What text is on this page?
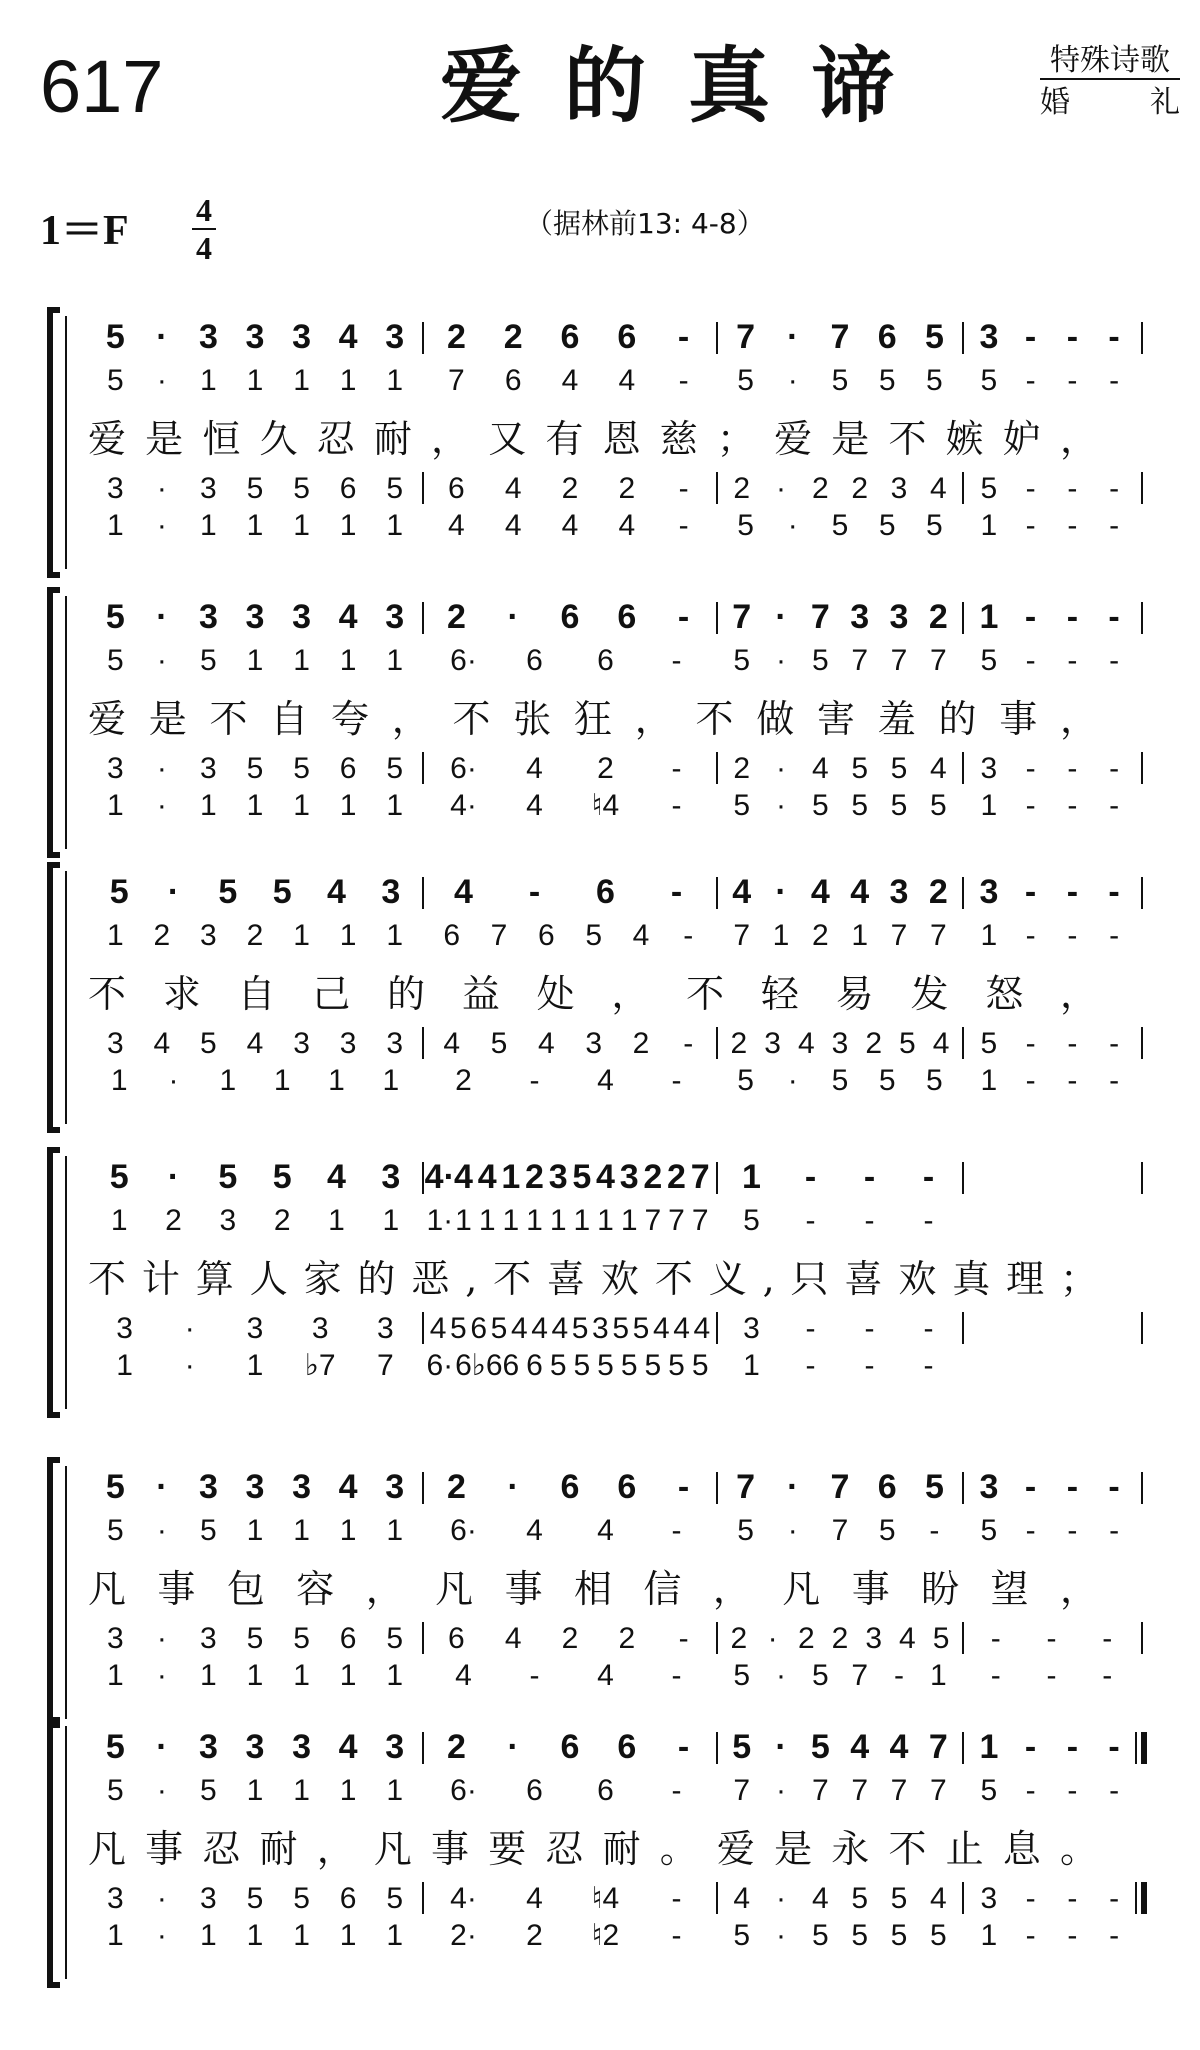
617	爱的真谛	特殊诗歌
婚礼
1＝F 4
4
（据林前13: 4-8）
5 · 3 3 3 4 3 2 2 6 6 - 7 · 7 6 5 3 - - -
5 · 1 1 1 1 1 7 6 4 4 - 5 · 5 5 5 5 - - -
3 · 3 5 5 6 5 6 4 2 2 - 2 · 2 2 3 4 5 - - -
1 · 1 1 1 1 1 4 4 4 4 - 5 · 5 5 5 1 - - -
爱是恒久忍耐，又有恩慈；爱是不嫉妒，
5 · 3 3 3 4 3 2 · 6 6 - 7 · 7 3 3 2 1 - - -
5 · 5 1 1 1 1 6· 6 6 - 5 · 5 7 7 7 5 - - -
3 · 3 5 5 6 5 6· 4 2 - 2 · 4 5 5 4 3 - - -
1 · 1 1 1 1 1 4· 4 ♮4 - 5 · 5 5 5 5 1 - - -
爱是不自夸，不张狂，不做害羞的事，
5 · 5 5 4 3 4 - 6 - 4 · 4 4 3 2 3 - - -
1 2 3 2 1 1 1 6 7 6 5 4 - 7 1 2 1 7 7 1 - - -
3 4 5 4 3 3 3 4 5 4 3 2 - 2 3 4 3 2 5 4 5 - - -
1 · 1 1 1 1 2 - 4 - 5 · 5 5 5 1 - - -
不求自己的益处，不轻易发怒，
5 · 5 5 4 3 4· 4 4 1 2 3 5 4 3 2 2 7 1 - - -
1 2 3 2 1 1 1· 1 1 1 1 1 1 1 1 7 7 7 5 - - -
3 · 3 3 3 4 5 6 5 4 4 4 5 3 5 5 4 4 4 3 - - -
1 · 1 ♭7 7 6· 6 ♭6 6 6 5 5 5 5 5 5 5 1 - - -
不计算人家的恶,不喜欢不义,只喜欢真理；
5 · 3 3 3 4 3 2 · 6 6 - 7 · 7 6 5 3 - - -
5 · 5 1 1 1 1 6· 4 4 - 5 · 7 5 - 5 - - -
3 · 3 5 5 6 5 6 4 2 2 - 2 · 2 2 3 4 5 - - -
1 · 1 1 1 1 1 4 - 4 - 5 · 5 7 - 1 - - -
凡事包容，凡事相信，凡事盼望，
5 · 3 3 3 4 3 2 · 6 6 - 5 · 5 4 4 7 1 - - -
5 · 5 1 1 1 1 6· 6 6 - 7 · 7 7 7 7 5 - - -
3 · 3 5 5 6 5 4· 4 ♮4 - 4 · 4 5 5 4 3 - - -
1 · 1 1 1 1 1 2· 2 ♮2 - 5 · 5 5 5 5 1 - - -
凡事忍耐，凡事要忍耐。爱是永不止息。
